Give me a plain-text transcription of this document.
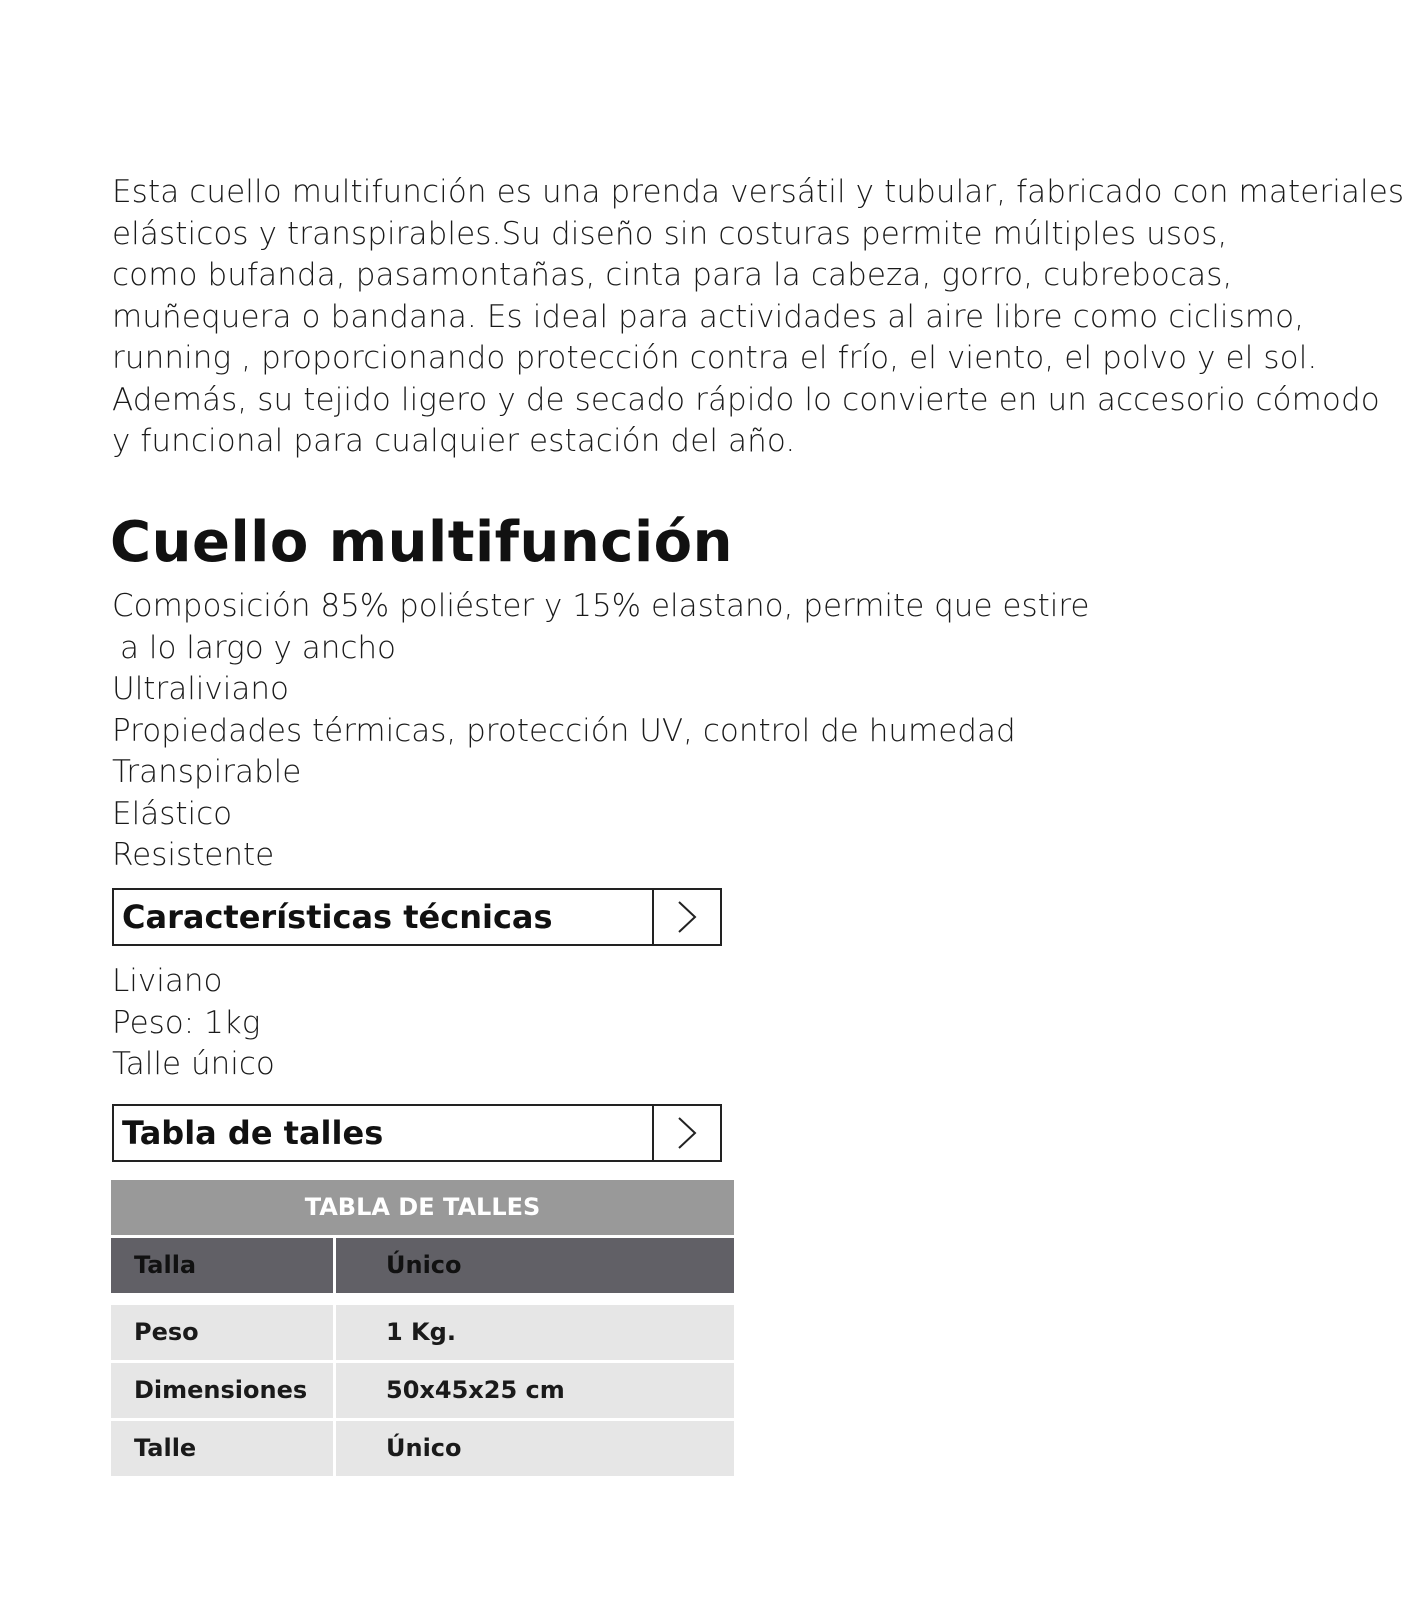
Esta cuello multifunción es una prenda versátil y tubular, fabricado con materiales
elásticos y transpirables.Su diseño sin costuras permite múltiples usos,
como bufanda, pasamontañas, cinta para la cabeza, gorro, cubrebocas,
muñequera o bandana. Es ideal para actividades al aire libre como ciclismo,
running , proporcionando protección contra el frío, el viento, el polvo y el sol.
Además, su tejido ligero y de secado rápido lo convierte en un accesorio cómodo
y funcional para cualquier estación del año.
Cuello multifunción
Composición 85% poliéster y 15% elastano, permite que estire
a lo largo y ancho
Ultraliviano
Propiedades térmicas, protección UV, control de humedad
Transpirable
Elástico
Resistente
Características técnicas
Liviano
Peso: 1kg
Talle único
Tabla de talles
TABLA DE TALLES
Talla	Único
Peso	1 Kg.
Dimensiones	50x45x25 cm
Talle	Único
